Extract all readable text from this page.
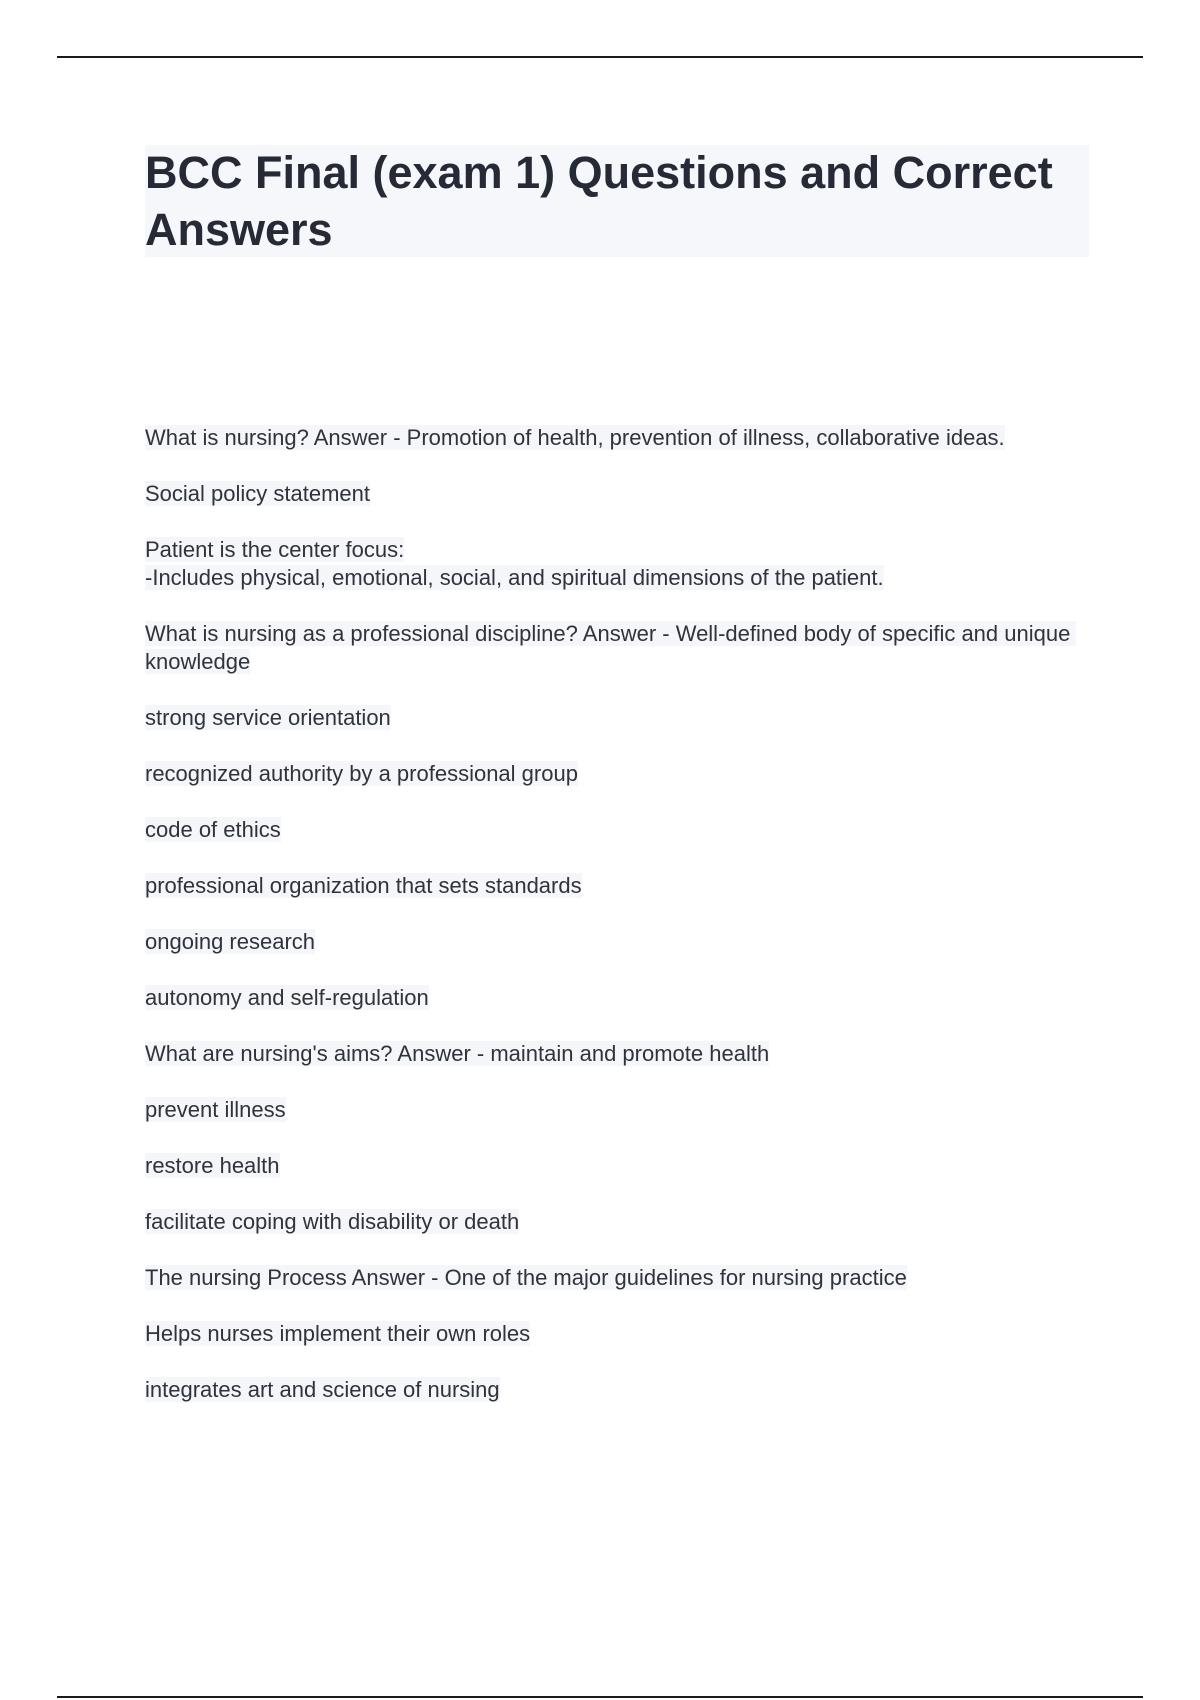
BCC Final (exam 1) Questions and Correct Answers

What is nursing? Answer - Promotion of health, prevention of illness, collaborative ideas.

Social policy statement

Patient is the center focus:
-Includes physical, emotional, social, and spiritual dimensions of the patient.

What is nursing as a professional discipline? Answer - Well-defined body of specific and unique knowledge

strong service orientation

recognized authority by a professional group

code of ethics

professional organization that sets standards

ongoing research

autonomy and self-regulation

What are nursing's aims? Answer - maintain and promote health

prevent illness

restore health

facilitate coping with disability or death

The nursing Process Answer - One of the major guidelines for nursing practice

Helps nurses implement their own roles

integrates art and science of nursing
